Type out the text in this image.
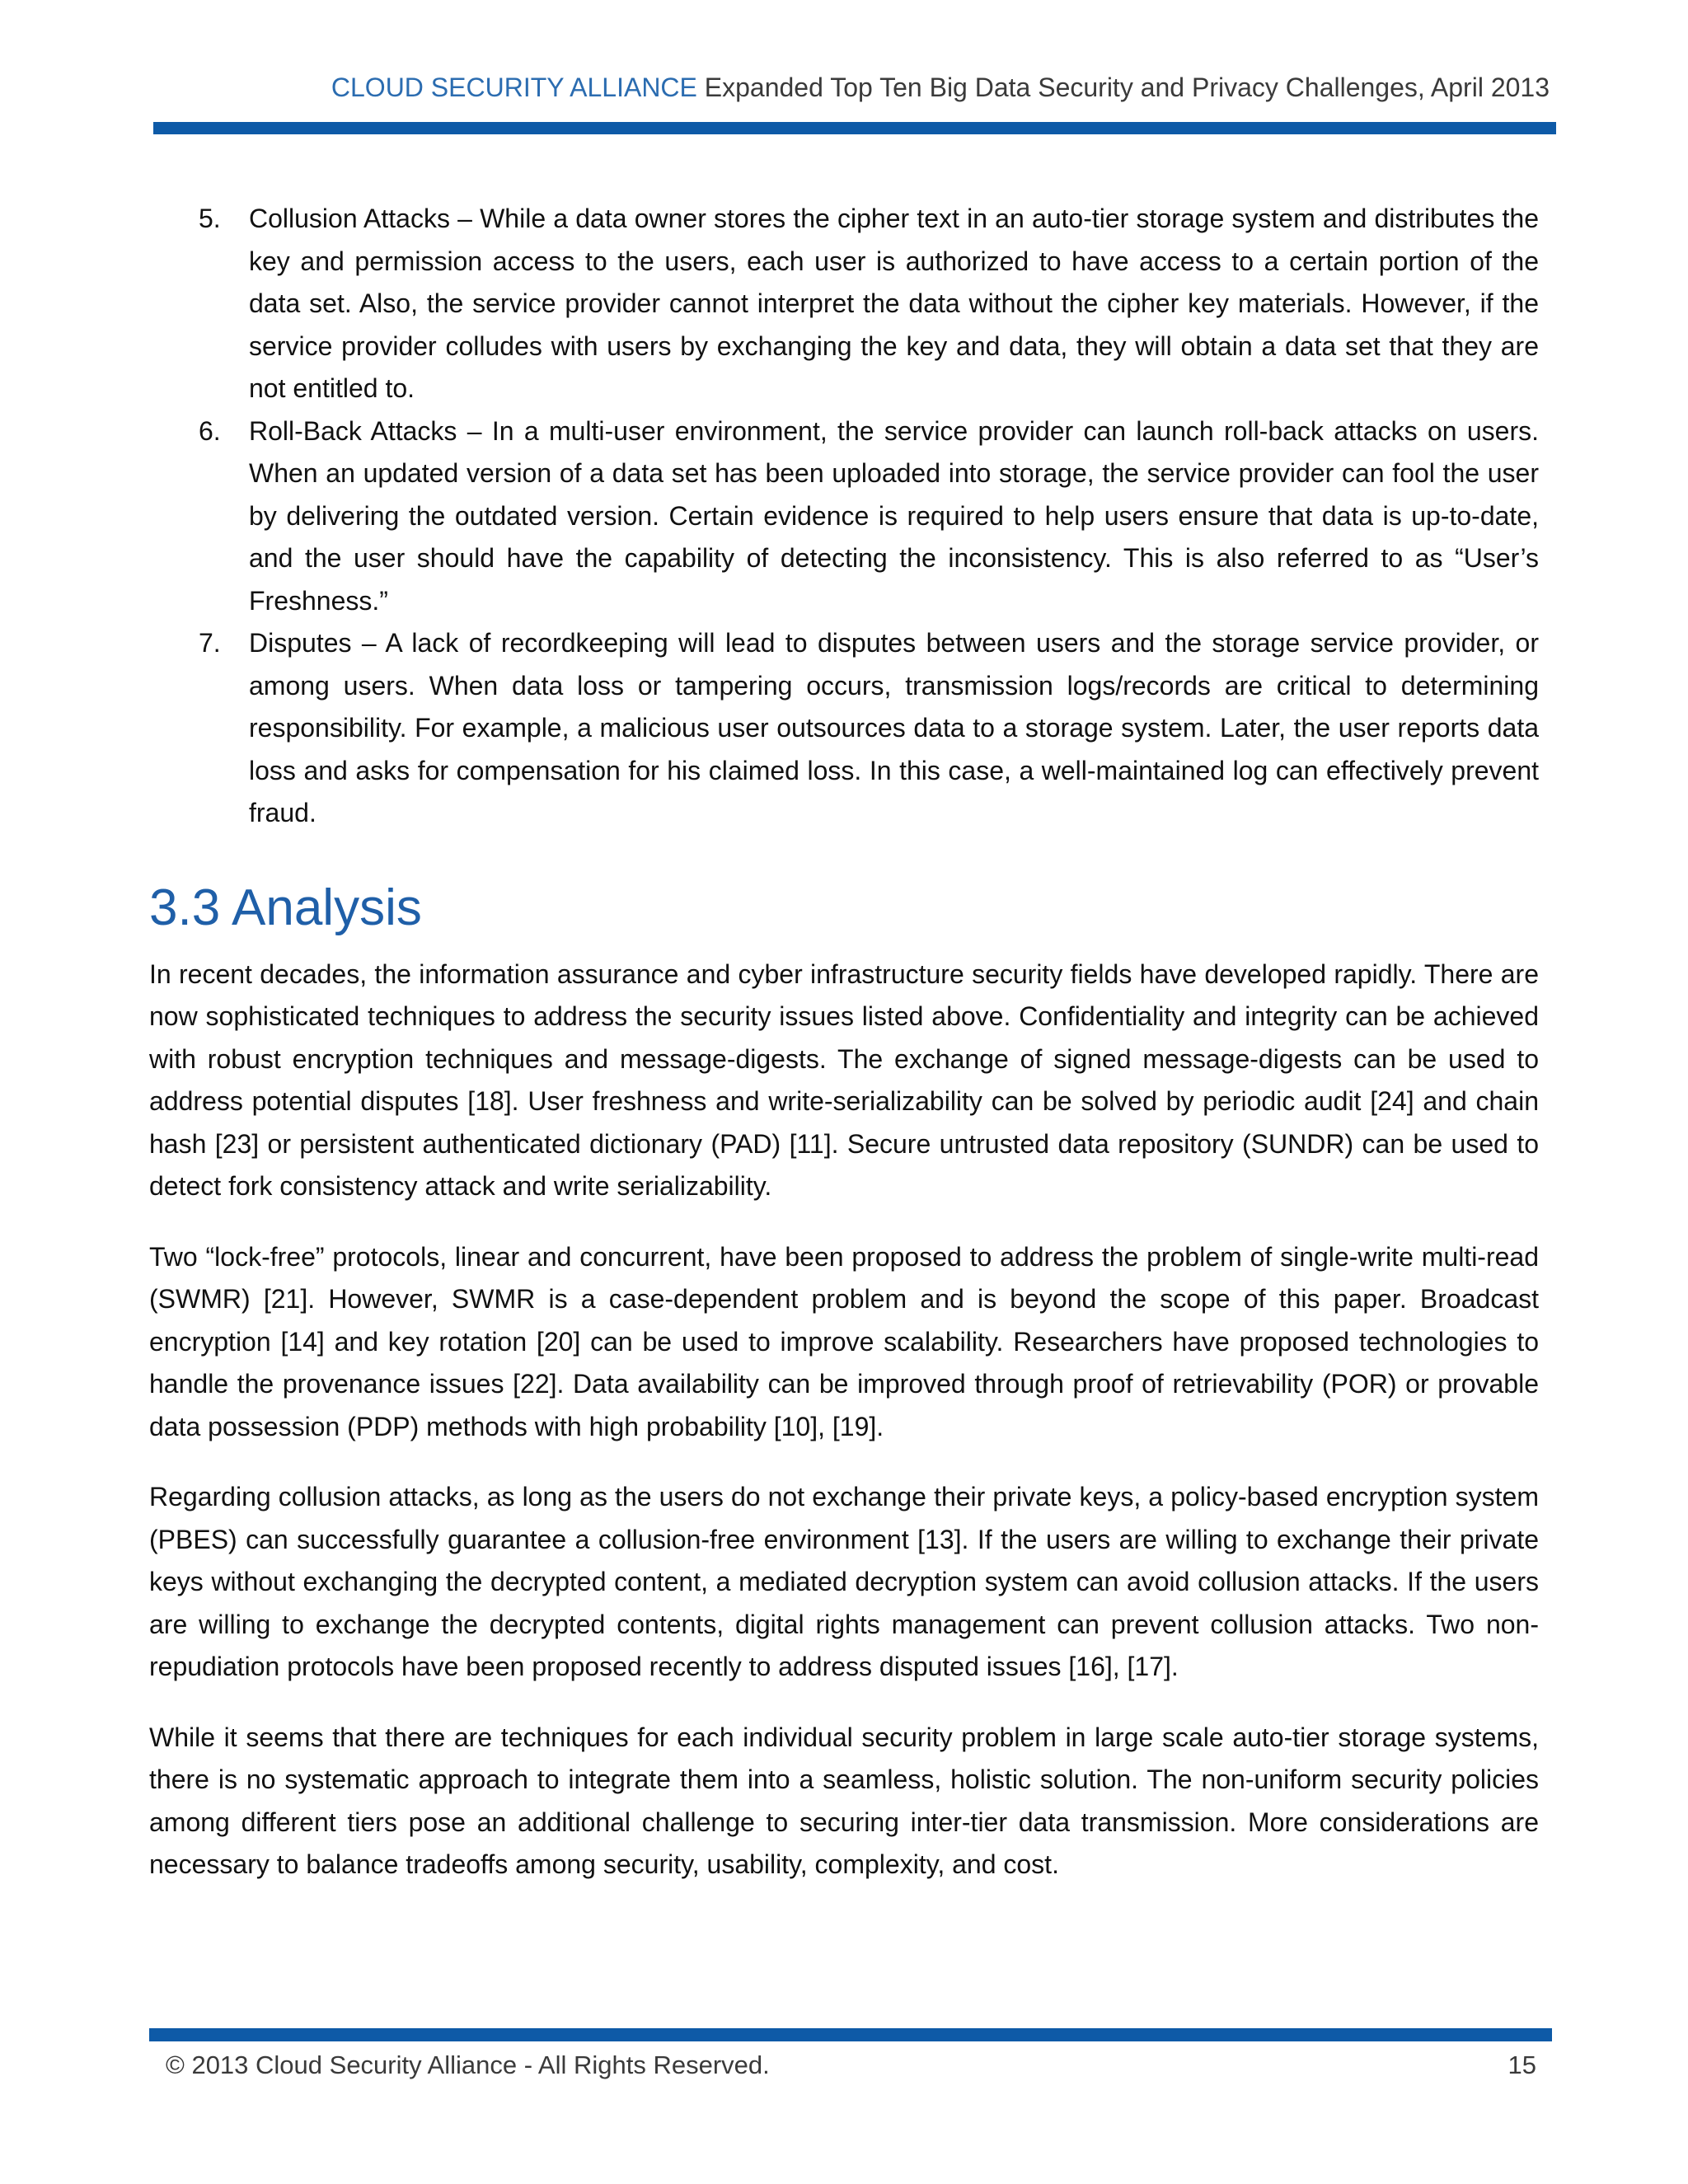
CLOUD SECURITY ALLIANCE Expanded Top Ten Big Data Security and Privacy Challenges, April 2013
5. Collusion Attacks – While a data owner stores the cipher text in an auto-tier storage system and distributes the key and permission access to the users, each user is authorized to have access to a certain portion of the data set. Also, the service provider cannot interpret the data without the cipher key materials. However, if the service provider colludes with users by exchanging the key and data, they will obtain a data set that they are not entitled to.
6. Roll-Back Attacks – In a multi-user environment, the service provider can launch roll-back attacks on users. When an updated version of a data set has been uploaded into storage, the service provider can fool the user by delivering the outdated version. Certain evidence is required to help users ensure that data is up-to-date, and the user should have the capability of detecting the inconsistency. This is also referred to as “User’s Freshness.”
7. Disputes – A lack of recordkeeping will lead to disputes between users and the storage service provider, or among users. When data loss or tampering occurs, transmission logs/records are critical to determining responsibility. For example, a malicious user outsources data to a storage system. Later, the user reports data loss and asks for compensation for his claimed loss. In this case, a well-maintained log can effectively prevent fraud.
3.3 Analysis

In recent decades, the information assurance and cyber infrastructure security fields have developed rapidly. There are now sophisticated techniques to address the security issues listed above. Confidentiality and integrity can be achieved with robust encryption techniques and message-digests. The exchange of signed message-digests can be used to address potential disputes [18]. User freshness and write-serializability can be solved by periodic audit [24] and chain hash [23] or persistent authenticated dictionary (PAD) [11]. Secure untrusted data repository (SUNDR) can be used to detect fork consistency attack and write serializability.

Two “lock-free” protocols, linear and concurrent, have been proposed to address the problem of single-write multi-read (SWMR) [21]. However, SWMR is a case-dependent problem and is beyond the scope of this paper. Broadcast encryption [14] and key rotation [20] can be used to improve scalability. Researchers have proposed technologies to handle the provenance issues [22]. Data availability can be improved through proof of retrievability (POR) or provable data possession (PDP) methods with high probability [10], [19].

Regarding collusion attacks, as long as the users do not exchange their private keys, a policy-based encryption system (PBES) can successfully guarantee a collusion-free environment [13]. If the users are willing to exchange their private keys without exchanging the decrypted content, a mediated decryption system can avoid collusion attacks. If the users are willing to exchange the decrypted contents, digital rights management can prevent collusion attacks. Two non-repudiation protocols have been proposed recently to address disputed issues [16], [17].

While it seems that there are techniques for each individual security problem in large scale auto-tier storage systems, there is no systematic approach to integrate them into a seamless, holistic solution. The non-uniform security policies among different tiers pose an additional challenge to securing inter-tier data transmission. More considerations are necessary to balance tradeoffs among security, usability, complexity, and cost.

© 2013 Cloud Security Alliance - All Rights Reserved.	15
